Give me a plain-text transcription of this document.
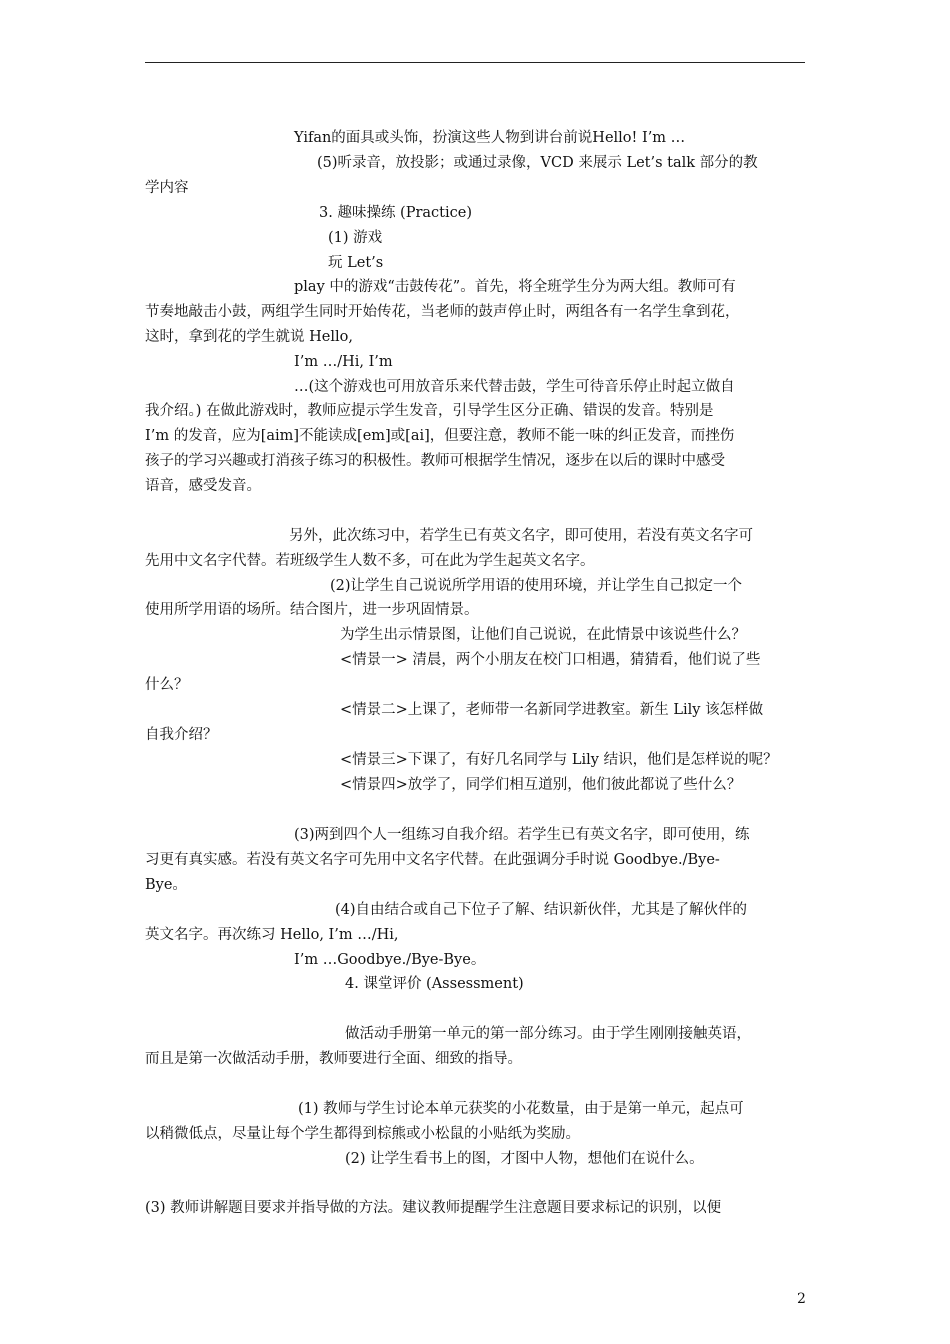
Yifan的面具或头饰，扮演这些人物到讲台前说Hello! I’m …
(5)听录音，放投影；或通过录像，VCD 来展示 Let’s talk 部分的教
学内容
3. 趣味操练 (Practice)
(1) 游戏
玩 Let’s
play 中的游戏“击鼓传花”。首先，将全班学生分为两大组。教师可有
节奏地敲击小鼓，两组学生同时开始传花，当老师的鼓声停止时，两组各有一名学生拿到花，
这时，拿到花的学生就说 Hello,
I’m …/Hi, I’m
…(这个游戏也可用放音乐来代替击鼓，学生可待音乐停止时起立做自
我介绍。) 在做此游戏时，教师应提示学生发音，引导学生区分正确、错误的发音。特别是
I’m 的发音，应为[aim]不能读成[em]或[ai]，但要注意，教师不能一味的纠正发音，而挫伤
孩子的学习兴趣或打消孩子练习的积极性。教师可根据学生情况，逐步在以后的课时中感受
语音，感受发音。
另外，此次练习中，若学生已有英文名字，即可使用，若没有英文名字可
先用中文名字代替。若班级学生人数不多，可在此为学生起英文名字。
(2)让学生自己说说所学用语的使用环境，并让学生自己拟定一个
使用所学用语的场所。结合图片，进一步巩固情景。
为学生出示情景图，让他们自己说说，在此情景中该说些什么？
<情景一> 清晨，两个小朋友在校门口相遇，猜猜看，他们说了些
什么？
<情景二>上课了，老师带一名新同学进教室。新生 Lily 该怎样做
自我介绍？
<情景三>下课了，有好几名同学与 Lily 结识，他们是怎样说的呢？
<情景四>放学了，同学们相互道别，他们彼此都说了些什么？
(3)两到四个人一组练习自我介绍。若学生已有英文名字，即可使用，练
习更有真实感。若没有英文名字可先用中文名字代替。在此强调分手时说 Goodbye./Bye-
Bye。
(4)自由结合或自己下位子了解、结识新伙伴，尤其是了解伙伴的
英文名字。再次练习 Hello, I’m …/Hi,
I’m …Goodbye./Bye-Bye。
4. 课堂评价 (Assessment)
做活动手册第一单元的第一部分练习。由于学生刚刚接触英语，
而且是第一次做活动手册，教师要进行全面、细致的指导。
(1) 教师与学生讨论本单元获奖的小花数量，由于是第一单元，起点可
以稍微低点，尽量让每个学生都得到棕熊或小松鼠的小贴纸为奖励。
(2) 让学生看书上的图，才图中人物，想他们在说什么。
(3) 教师讲解题目要求并指导做的方法。建议教师提醒学生注意题目要求标记的识别，以便
2
